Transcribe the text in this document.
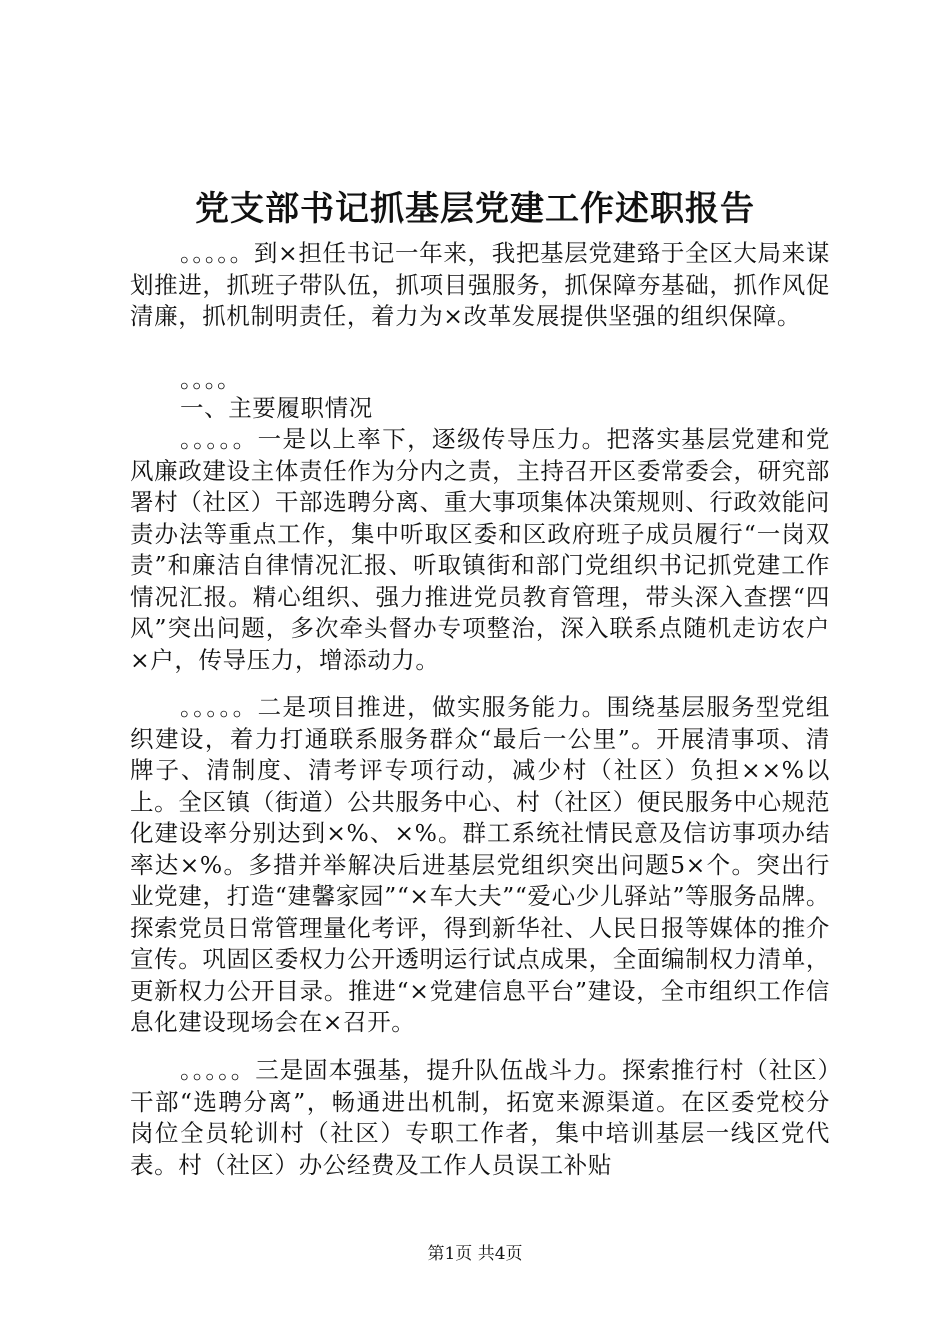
党支部书记抓基层党建工作述职报告

。。。。。到×担任书记一年来，我把基层党建臵于全区大局来谋划推进，抓班子带队伍，抓项目强服务，抓保障夯基础，抓作风促清廉，抓机制明责任，着力为×改革发展提供坚强的组织保障。

。。。。

一、主要履职情况

。。。。。一是以上率下，逐级传导压力。把落实基层党建和党风廉政建设主体责任作为分内之责，主持召开区委常委会，研究部署村（社区）干部选聘分离、重大事项集体决策规则、行政效能问责办法等重点工作，集中听取区委和区政府班子成员履行“一岗双责”和廉洁自律情况汇报、听取镇街和部门党组织书记抓党建工作情况汇报。精心组织、强力推进党员教育管理，带头深入查摆“四风”突出问题，多次牵头督办专项整治，深入联系点随机走访农户×户，传导压力，增添动力。

。。。。。二是项目推进，做实服务能力。围绕基层服务型党组织建设，着力打通联系服务群众“最后一公里”。开展清事项、清牌子、清制度、清考评专项行动，减少村（社区）负担××%以上。全区镇（街道）公共服务中心、村（社区）便民服务中心规范化建设率分别达到×%、×%。群工系统社情民意及信访事项办结率达×%。多措并举解决后进基层党组织突出问题5×个。突出行业党建，打造“建馨家园”“×车大夫”“爱心少儿驿站”等服务品牌。探索党员日常管理量化考评，得到新华社、人民日报等媒体的推介宣传。巩固区委权力公开透明运行试点成果，全面编制权力清单，更新权力公开目录。推进“×党建信息平台”建设，全市组织工作信息化建设现场会在×召开。

。。。。。三是固本强基，提升队伍战斗力。探索推行村（社区）干部“选聘分离”，畅通进出机制，拓宽来源渠道。在区委党校分岗位全员轮训村（社区）专职工作者，集中培训基层一线区党代表。村（社区）办公经费及工作人员误工补贴

第1页 共4页
